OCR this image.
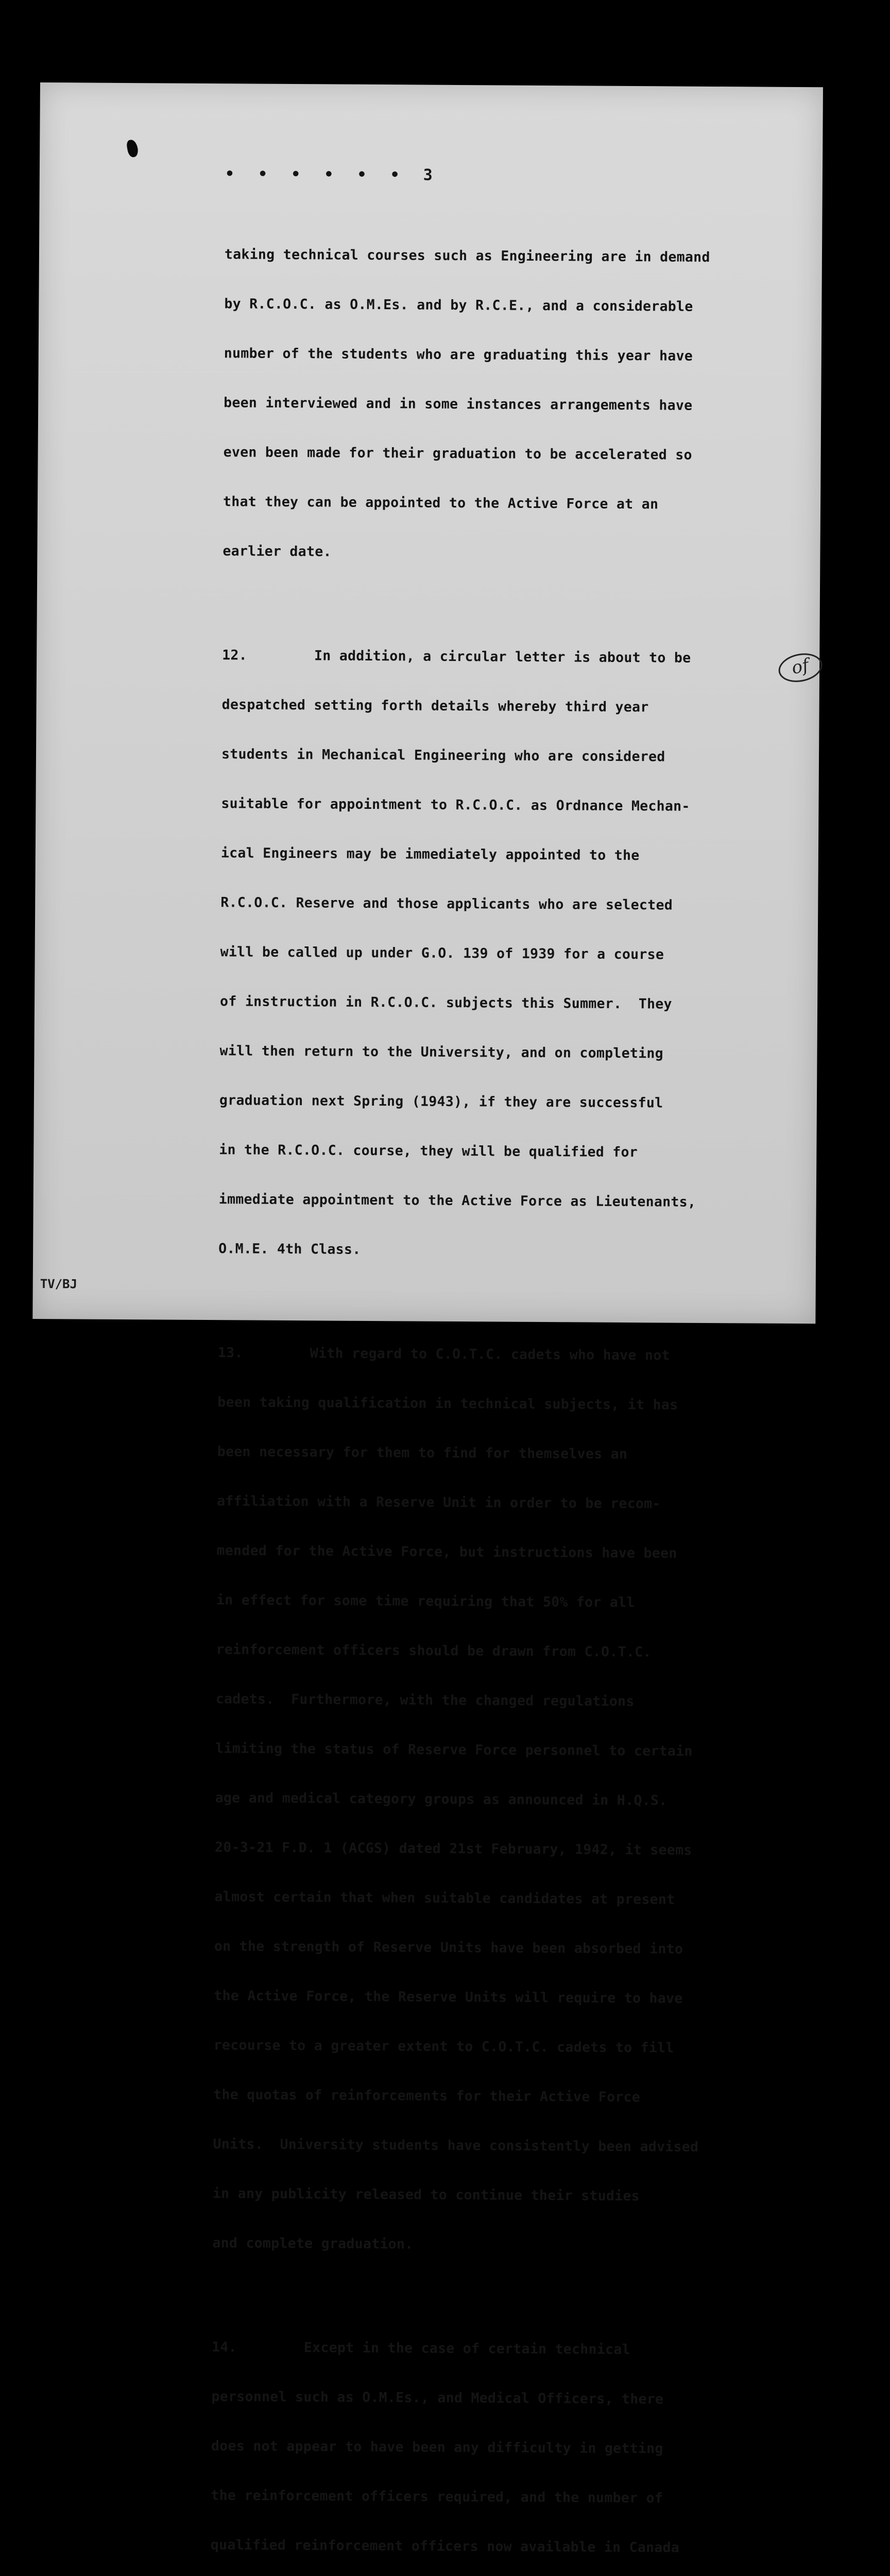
• • • • • • 3

taking technical courses such as Engineering are in demand

by R.C.O.C. as O.M.Es. and by R.C.E., and a considerable

number of the students who are graduating this year have

been interviewed and in some instances arrangements have

even been made for their graduation to be accelerated so

that they can be appointed to the Active Force at an

earlier date.

12.        In addition, a circular letter is about to be

despatched setting forth details whereby third year

students in Mechanical Engineering who are considered

suitable for appointment to R.C.O.C. as Ordnance Mechan-

ical Engineers may be immediately appointed to the

R.C.O.C. Reserve and those applicants who are selected

will be called up under G.O. 139 of 1939 for a course

of instruction in R.C.O.C. subjects this Summer.  They

will then return to the University, and on completing

graduation next Spring (1943), if they are successful

in the R.C.O.C. course, they will be qualified for

immediate appointment to the Active Force as Lieutenants,

O.M.E. 4th Class.

13.        With regard to C.O.T.C. cadets who have not

been taking qualification in technical subjects, it has

been necessary for them to find for themselves an

affiliation with a Reserve Unit in order to be recom-

mended for the Active Force, but instructions have been

in effect for some time requiring that 50% for all

reinforcement officers should be drawn from C.O.T.C.

cadets.  Furthermore, with the changed regulations

limiting the status of Reserve Force personnel to certain

age and medical category groups as announced in H.Q.S.

20-3-21 F.D. 1 (ACGS) dated 21st February, 1942, it seems

almost certain that when suitable candidates at present

on the strength of Reserve Units have been absorbed into

the Active Force, the Reserve Units will require to have

recourse to a greater extent to C.O.T.C. cadets to fill

the quotas of reinforcements for their Active Force

Units.  University students have consistently been advised

in any publicity released to continue their studies

and complete graduation.

14.        Except in the case of certain technical

personnel such as O.M.Es., and Medical Officers, there

does not appear to have been any difficulty in getting

the reinforcement officers required, and the number of

qualified reinforcement officers now available in Canada

of
TV/BJ
